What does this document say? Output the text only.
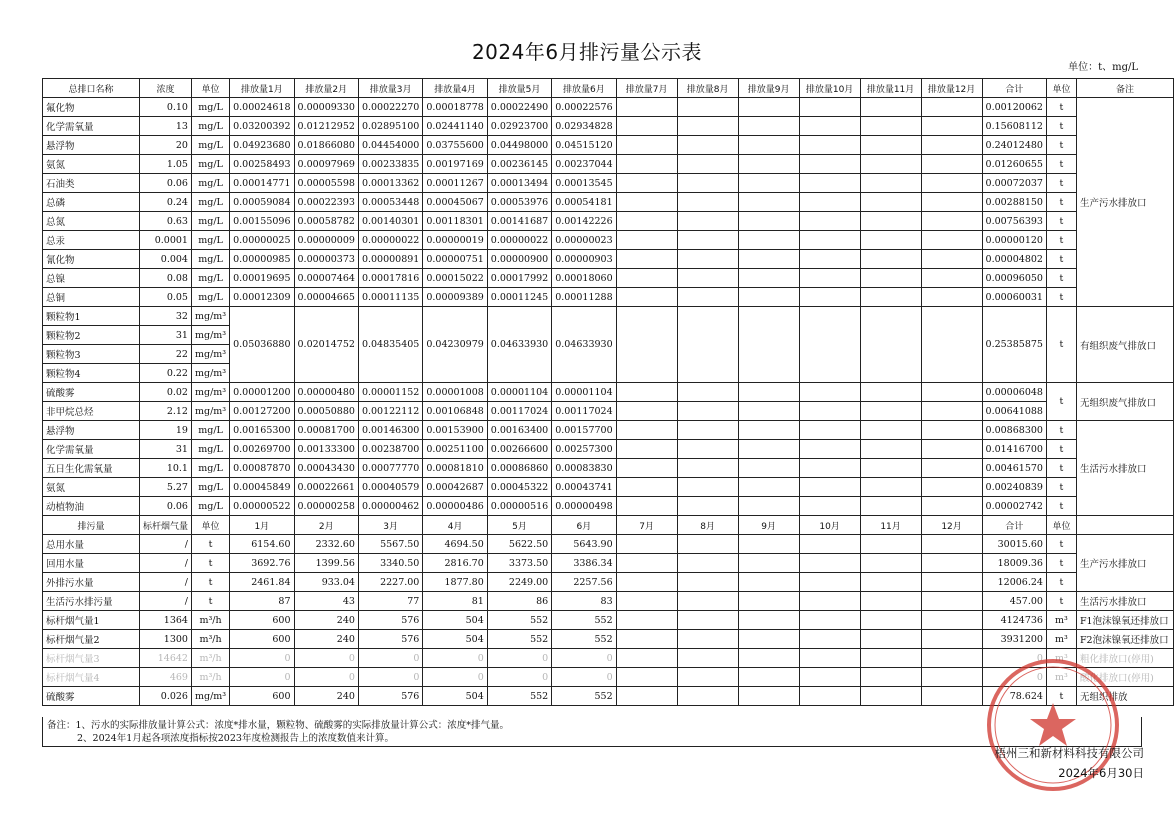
2024年6月排污量公示表
单位：t、mg/L
总排口名称	浓度	单位	排放量1月	排放量2月	排放量3月	排放量4月	排放量5月	排放量6月	排放量7月	排放量8月	排放量9月	排放量10月	排放量11月	排放量12月	合计	单位	备注
氟化物	0.10	mg/L	0.00024618	0.00009330	0.00022270	0.00018778	0.00022490	0.00022576							0.00120062	t	生产污水排放口
化学需氧量	13	mg/L	0.03200392	0.01212952	0.02895100	0.02441140	0.02923700	0.02934828							0.15608112	t	
悬浮物	20	mg/L	0.04923680	0.01866080	0.04454000	0.03755600	0.04498000	0.04515120							0.24012480	t	
氨氮	1.05	mg/L	0.00258493	0.00097969	0.00233835	0.00197169	0.00236145	0.00237044							0.01260655	t	
石油类	0.06	mg/L	0.00014771	0.00005598	0.00013362	0.00011267	0.00013494	0.00013545							0.00072037	t	
总磷	0.24	mg/L	0.00059084	0.00022393	0.00053448	0.00045067	0.00053976	0.00054181							0.00288150	t	
总氮	0.63	mg/L	0.00155096	0.00058782	0.00140301	0.00118301	0.00141687	0.00142226							0.00756393	t	
总汞	0.0001	mg/L	0.00000025	0.00000009	0.00000022	0.00000019	0.00000022	0.00000023							0.00000120	t	
氰化物	0.004	mg/L	0.00000985	0.00000373	0.00000891	0.00000751	0.00000900	0.00000903							0.00004802	t	
总镍	0.08	mg/L	0.00019695	0.00007464	0.00017816	0.00015022	0.00017992	0.00018060							0.00096050	t	
总铜	0.05	mg/L	0.00012309	0.00004665	0.00011135	0.00009389	0.00011245	0.00011288							0.00060031	t	
颗粒物1	32	mg/m³	0.05036880	0.02014752	0.04835405	0.04230979	0.04633930	0.04633930							0.25385875	t	有组织废气排放口
颗粒物2	31	mg/m³															
颗粒物3	22	mg/m³															
颗粒物4	0.22	mg/m³															
硫酸雾	0.02	mg/m³	0.00001200	0.00000480	0.00001152	0.00001008	0.00001104	0.00001104							0.00006048	t	无组织废气排放口
非甲烷总烃	2.12	mg/m³	0.00127200	0.00050880	0.00122112	0.00106848	0.00117024	0.00117024							0.00641088		
悬浮物	19	mg/L	0.00165300	0.00081700	0.00146300	0.00153900	0.00163400	0.00157700							0.00868300	t	生活污水排放口
化学需氧量	31	mg/L	0.00269700	0.00133300	0.00238700	0.00251100	0.00266600	0.00257300							0.01416700	t	
五日生化需氧量	10.1	mg/L	0.00087870	0.00043430	0.00077770	0.00081810	0.00086860	0.00083830							0.00461570	t	
氨氮	5.27	mg/L	0.00045849	0.00022661	0.00040579	0.00042687	0.00045322	0.00043741							0.00240839	t	
动植物油	0.06	mg/L	0.00000522	0.00000258	0.00000462	0.00000486	0.00000516	0.00000498							0.00002742	t	
排污量	标杆烟气量	单位	1月	2月	3月	4月	5月	6月	7月	8月	9月	10月	11月	12月	合计	单位	
总用水量	/	t	6154.60	2332.60	5567.50	4694.50	5622.50	5643.90							30015.60	t	生产污水排放口
回用水量	/	t	3692.76	1399.56	3340.50	2816.70	3373.50	3386.34							18009.36	t	
外排污水量	/	t	2461.84	933.04	2227.00	1877.80	2249.00	2257.56							12006.24	t	
生活污水排污量	/	t	87	43	77	81	86	83							457.00	t	生活污水排放口
标杆烟气量1	1364	m³/h	600	240	576	504	552	552							4124736	m³	F1泡沫镍氧还排放口
标杆烟气量2	1300	m³/h	600	240	576	504	552	552							3931200	m³	F2泡沫镍氧还排放口
标杆烟气量3	14642	m³/h	0	0	0	0	0	0							0	m³	粗化排放口(停用)
标杆烟气量4	469	m³/h	0	0	0	0	0	0							0	m³	酸化排放口(停用)
硫酸雾	0.026	mg/m³	600	240	576	504	552	552							78.624	t	无组织排放
备注：1、污水的实际排放量计算公式：浓度*排水量，颗粒物、硫酸雾的实际排放量计算公式：浓度*排气量。
2、2024年1月起各项浓度指标按2023年度检测报告上的浓度数值来计算。
梧州三和新材料科技有限公司
2024年6月30日
